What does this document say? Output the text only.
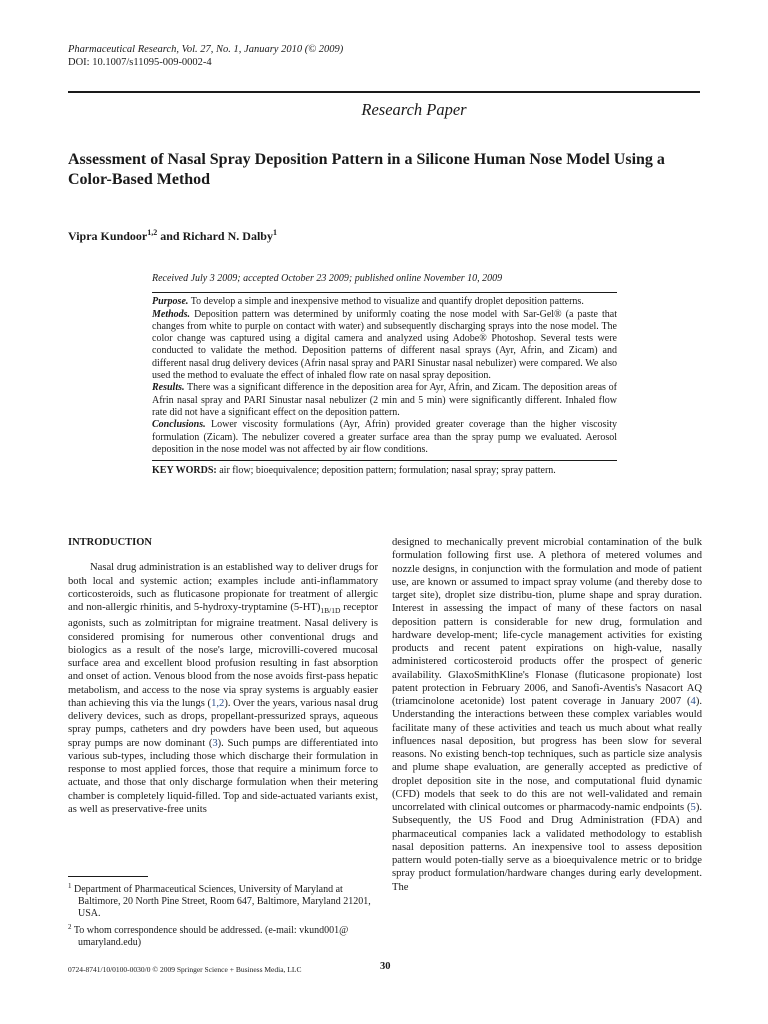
Pharmaceutical Research, Vol. 27, No. 1, January 2010 (© 2009)
DOI: 10.1007/s11095-009-0002-4
Research Paper
Assessment of Nasal Spray Deposition Pattern in a Silicone Human Nose Model Using a Color-Based Method
Vipra Kundoor$^{1,2}$ and Richard N. Dalby$^1$

Received July 3 2009; accepted October 23 2009; published online November 10, 2009

Purpose. To develop a simple and inexpensive method to visualize and quantify droplet deposition patterns.

Methods. Deposition pattern was determined by uniformly coating the nose model with Sar-Gel® (a paste that changes from white to purple on contact with water) and subsequently discharging sprays into the nose model. The color change was captured using a digital camera and analyzed using Adobe® Photoshop. Several tests were conducted to validate the method. Deposition patterns of different nasal sprays (Ayr, Afrin, and Zicam) and different nasal drug delivery devices (Afrin nasal spray and PARI Sinustar nasal nebulizer) were compared. We also used the method to evaluate the effect of inhaled flow rate on nasal spray deposition.

Results. There was a significant difference in the deposition area for Ayr, Afrin, and Zicam. The deposition areas of Afrin nasal spray and PARI Sinustar nasal nebulizer (2 min and 5 min) were significantly different. Inhaled flow rate did not have a significant effect on the deposition pattern.

Conclusions. Lower viscosity formulations (Ayr, Afrin) provided greater coverage than the higher viscosity formulation (Zicam). The nebulizer covered a greater surface area than the spray pump we evaluated. Aerosol deposition in the nose model was not affected by air flow conditions.

KEY WORDS: air flow; bioequivalence; deposition pattern; formulation; nasal spray; spray pattern.

INTRODUCTION

Nasal drug administration is an established way to deliver drugs for both local and systemic action; examples include anti-inflammatory corticosteroids, such as fluticasone propionate for treatment of allergic and non-allergic rhinitis, and 5-hydroxy-tryptamine $(5-HT)_{1B/1D}$ receptor agonists, such as zolmitriptan for migraine treatment. Nasal delivery is considered promising for numerous other conventional drugs and biologics as a result of the nose's large, microvilli-covered mucosal surface area and excellent blood profusion resulting in fast absorption and onset of action. Venous blood from the nose avoids first-pass hepatic metabolism, and access to the nose via spray systems is arguably easier than achieving this via the lungs (1,2). Over the years, various nasal drug delivery devices, such as drops, propellant-pressurized sprays, aqueous spray pumps, catheters and dry powders have been used, but aqueous spray pumps are now dominant (3). Such pumps are differentiated into various sub-types, including those which discharge their formulation in response to most applied forces, those that require a minimum force to actuate, and those that only discharge formulation when their metering chamber is completely liquid-filled. Top and side-actuated variants exist, as well as preservative-free units

designed to mechanically prevent microbial contamination of the bulk formulation following first use. A plethora of metered volumes and nozzle designs, in conjunction with the formulation and mode of patient use, are known or assumed to impact spray volume (and thereby dose to target site), droplet size distribu-tion, plume shape and spray duration. Interest in assessing the impact of many of these factors on nasal deposition pattern is considerable for new drug, formulation and hardware develop-ment; life-cycle management activities for existing products and recent patent expirations on high-value, nasally administered corticosteroid products offer the prospect of generic availability. GlaxoSmithKline's Flonase (fluticasone propionate) lost patent protection in February 2006, and Sanofi-Aventis's Nasacort AQ (triamcinolone acetonide) lost patent coverage in January 2007 (4). Understanding the interactions between these complex variables would facilitate many of these activities and teach us much about what really influences nasal deposition, but progress has been slow for several reasons. No existing bench-top techniques, such as particle size analysis and plume shape evaluation, are generally accepted as predictive of droplet deposition site in the nose, and computational fluid dynamic (CFD) models that seek to do this are not well-validated and remain uncorrelated with clinical outcomes or pharmacody-namic endpoints (5). Subsequently, the US Food and Drug Administration (FDA) and pharmaceutical companies lack a validated methodology to establish nasal deposition patterns. An inexpensive tool to assess deposition pattern would poten-tially serve as a bioequivalence metric or to bridge spray product formulation/hardware changes during early development. The

$^1$ Department of Pharmaceutical Sciences, University of Maryland at Baltimore, 20 North Pine Street, Room 647, Baltimore, Maryland 21201, USA.

$^2$ To whom correspondence should be addressed. (e-mail: vkund001@ umaryland.edu)

0724-8741/10/0100-0030/0 © 2009 Springer Science + Business Media, LLC	30
